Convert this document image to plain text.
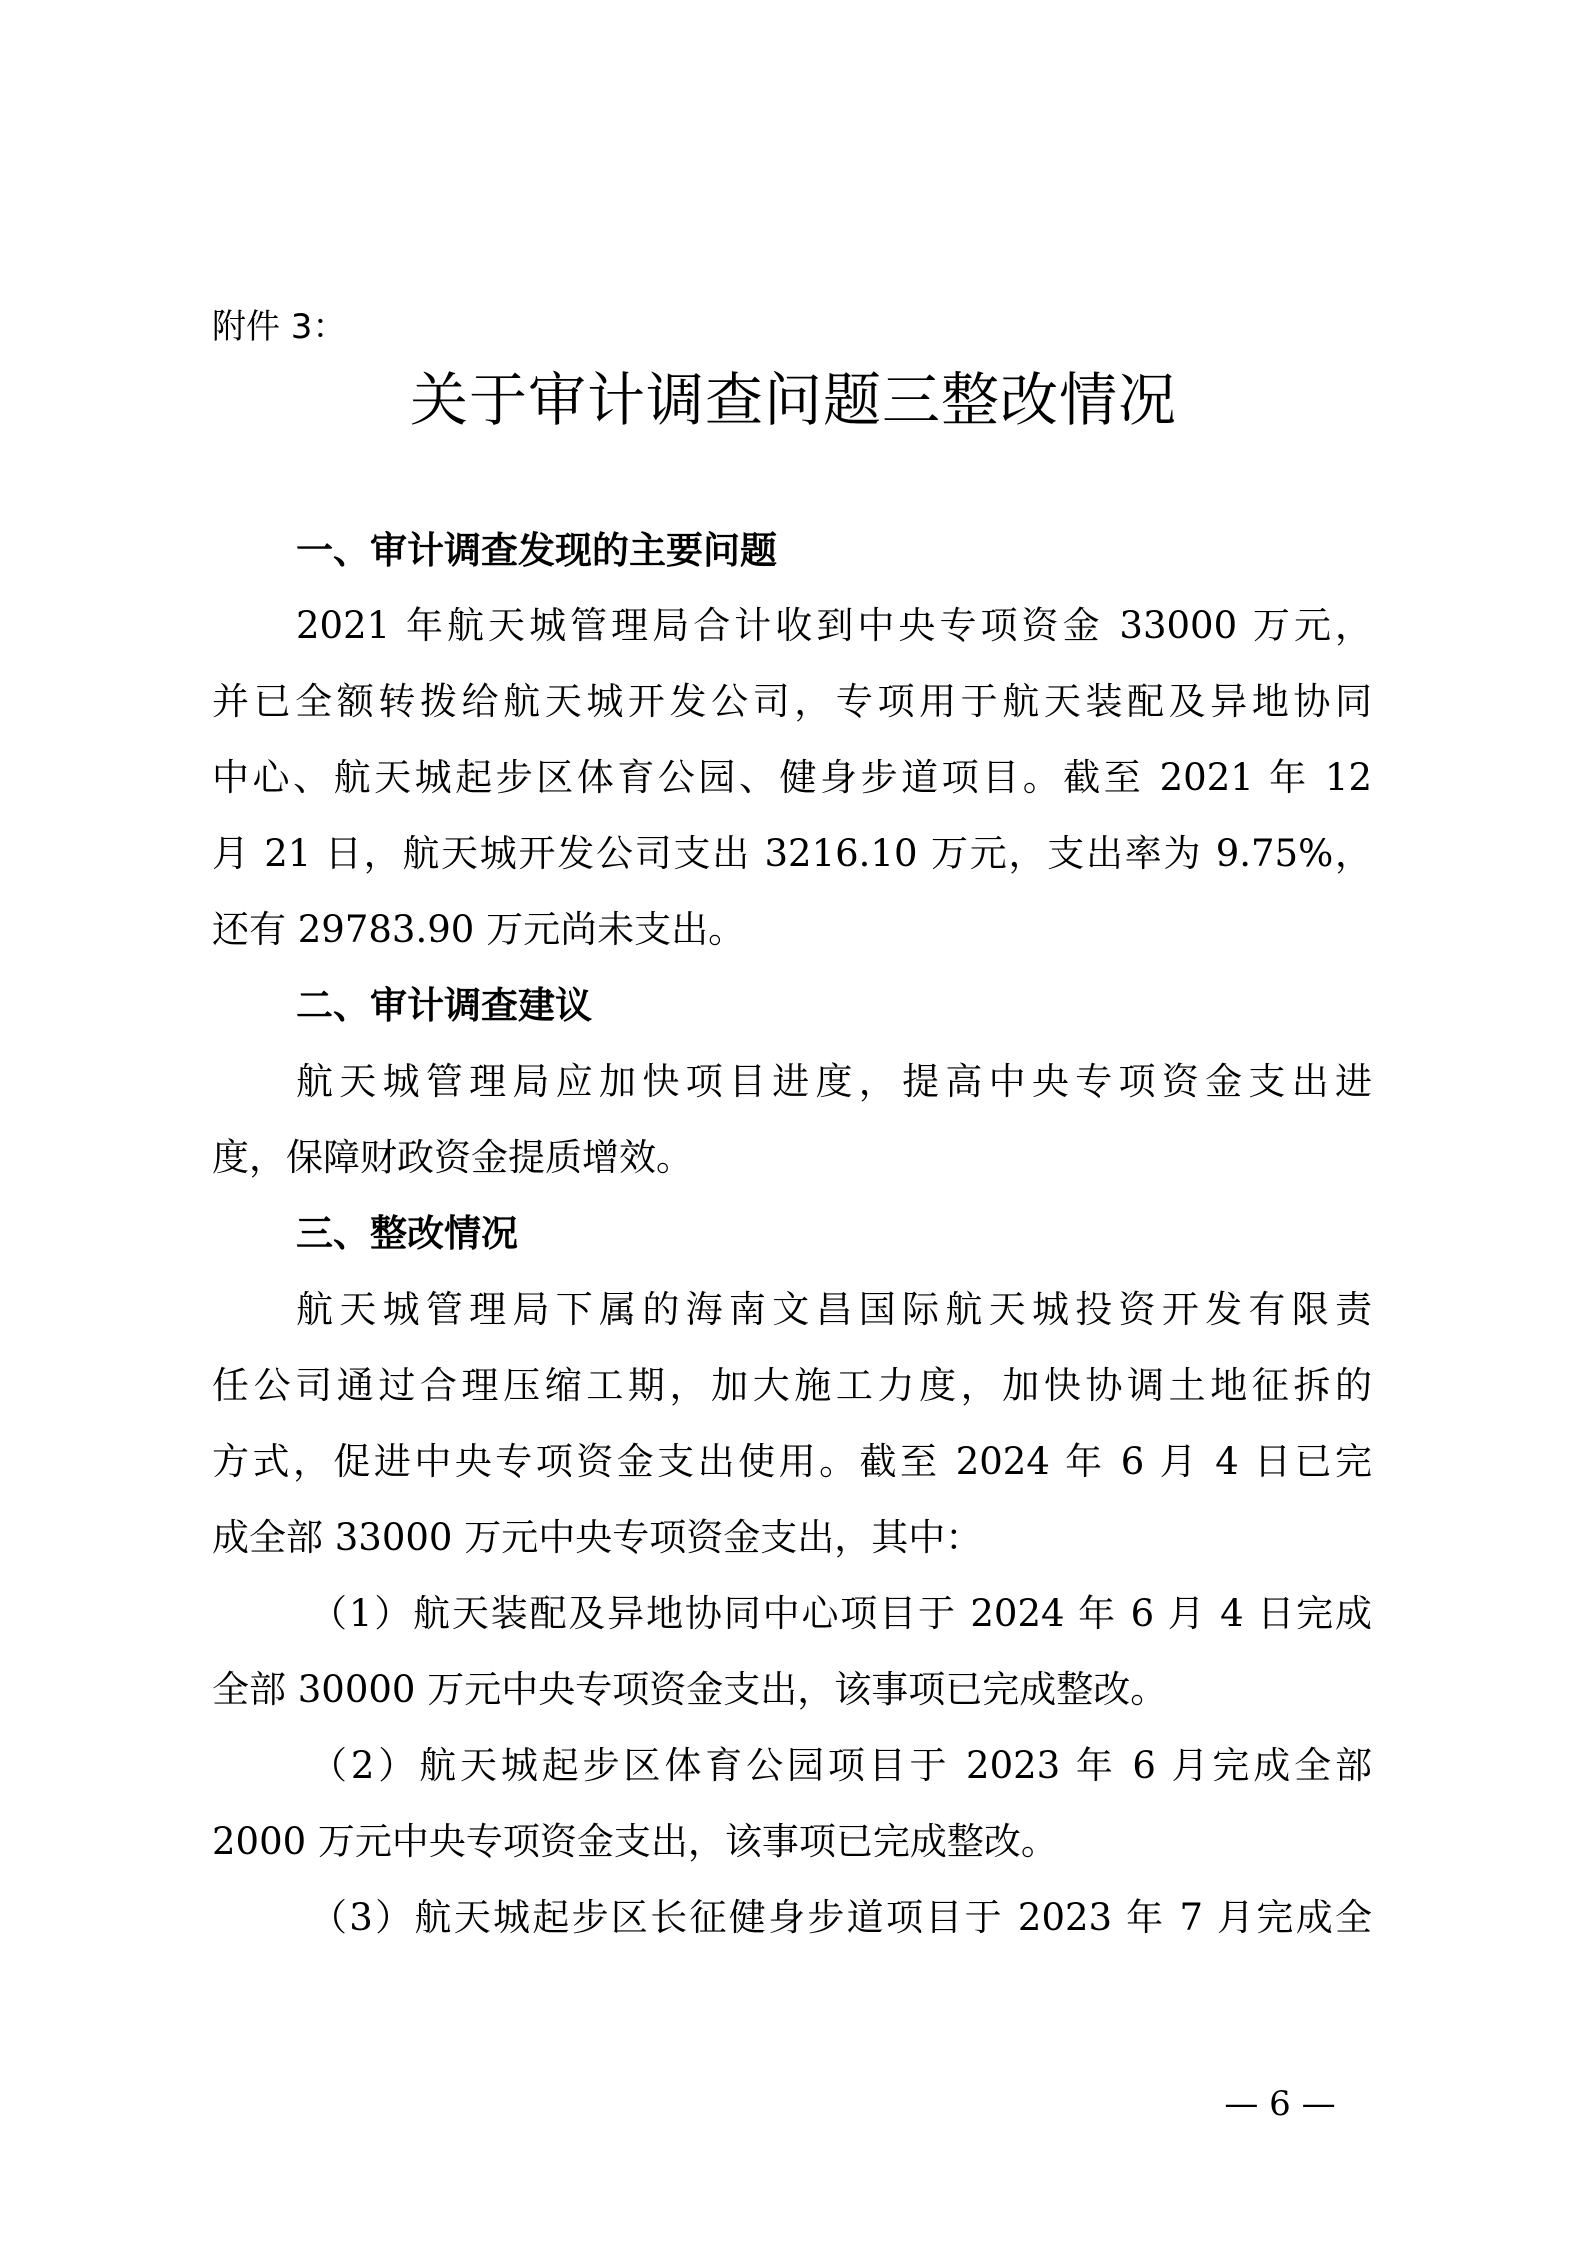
附件 3：
关于审计调查问题三整改情况
一、审计调查发现的主要问题
2021 年航天城管理局合计收到中央专项资金 33000 万元，
并已全额转拨给航天城开发公司，专项用于航天装配及异地协同
中心、航天城起步区体育公园、健身步道项目。截至 2021 年 12
月 21 日，航天城开发公司支出 3216.10 万元，支出率为 9.75%，
还有 29783.90 万元尚未支出。
二、审计调查建议
航天城管理局应加快项目进度，提高中央专项资金支出进
度，保障财政资金提质增效。
三、整改情况
航天城管理局下属的海南文昌国际航天城投资开发有限责
任公司通过合理压缩工期，加大施工力度，加快协调土地征拆的
方式，促进中央专项资金支出使用。截至 2024 年 6 月 4 日已完
成全部 33000 万元中央专项资金支出，其中：
（1）航天装配及异地协同中心项目于 2024 年 6 月 4 日完成
全部 30000 万元中央专项资金支出，该事项已完成整改。
（2）航天城起步区体育公园项目于 2023 年 6 月完成全部
2000 万元中央专项资金支出，该事项已完成整改。
（3）航天城起步区长征健身步道项目于 2023 年 7 月完成全
— 6 —
